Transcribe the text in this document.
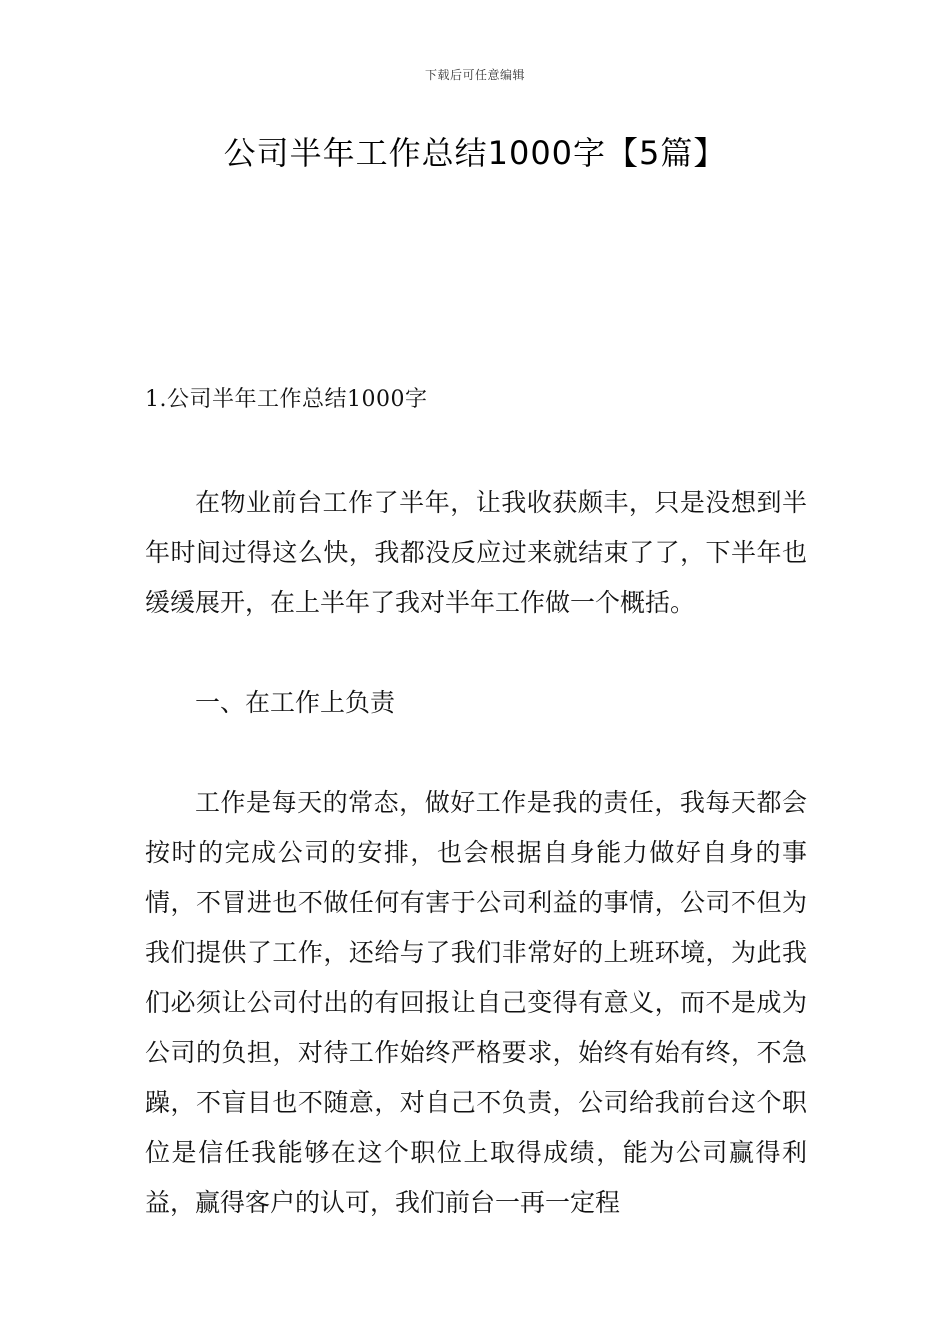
下载后可任意编辑
公司半年工作总结1000字【5篇】
1.公司半年工作总结1000字

在物业前台工作了半年，让我收获颇丰，只是没想到半年时间过得这么快，我都没反应过来就结束了了，下半年也缓缓展开，在上半年了我对半年工作做一个概括。

一、在工作上负责

工作是每天的常态，做好工作是我的责任，我每天都会按时的完成公司的安排，也会根据自身能力做好自身的事情，不冒进也不做任何有害于公司利益的事情，公司不但为我们提供了工作，还给与了我们非常好的上班环境，为此我们必须让公司付出的有回报让自己变得有意义，而不是成为公司的负担，对待工作始终严格要求，始终有始有终，不急躁，不盲目也不随意，对自己不负责，公司给我前台这个职位是信任我能够在这个职位上取得成绩，能为公司赢得利益，赢得客户的认可，我们前台一再一定程
